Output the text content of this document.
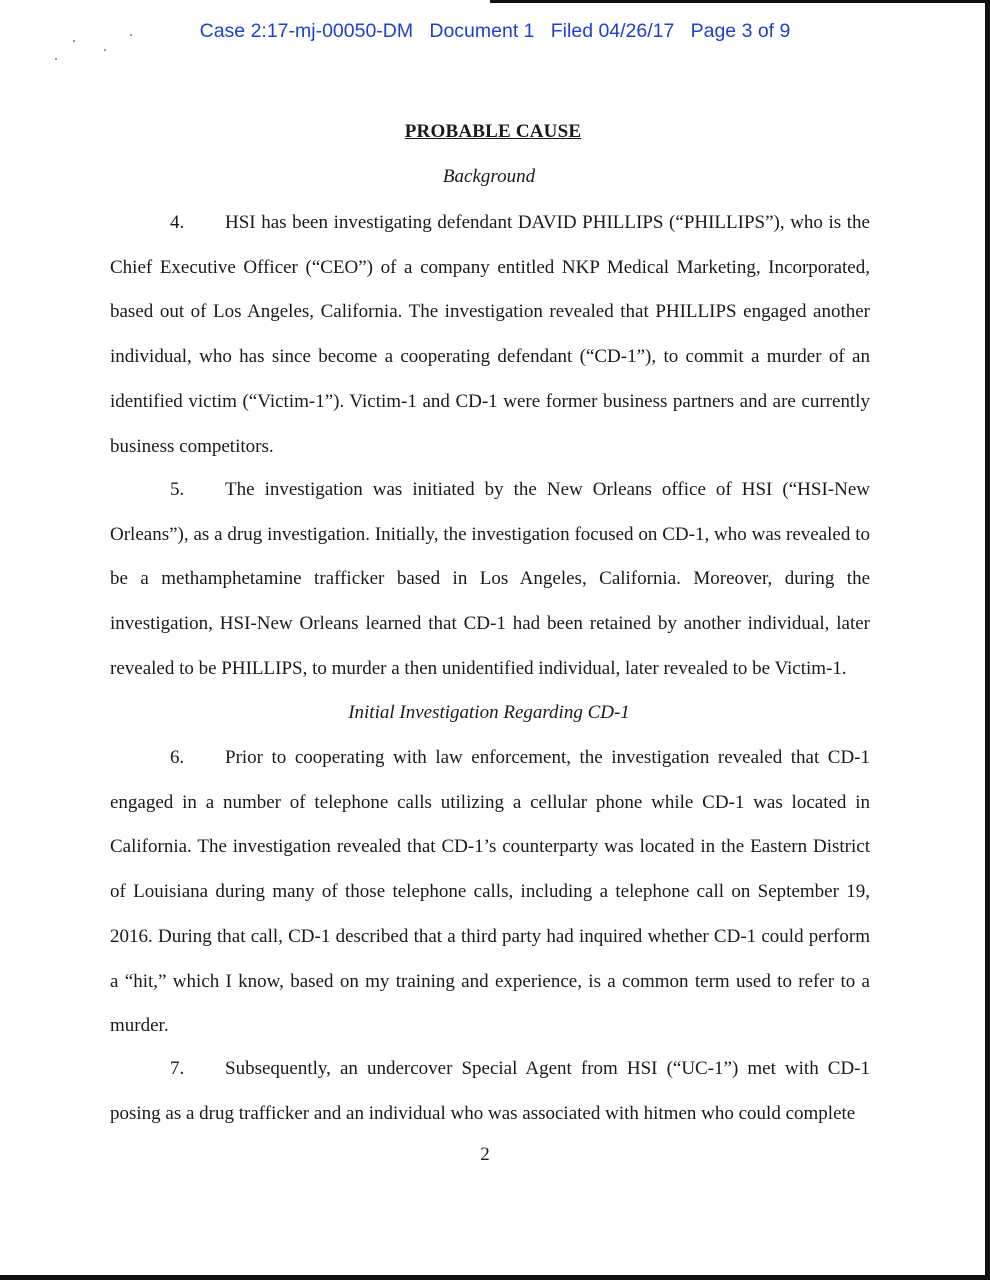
Case 2:17-mj-00050-DM   Document 1   Filed 04/26/17   Page 3 of 9
PROBABLE CAUSE
Background
4. HSI has been investigating defendant DAVID PHILLIPS (“PHILLIPS”), who is the Chief Executive Officer (“CEO”) of a company entitled NKP Medical Marketing, Incorporated, based out of Los Angeles, California. The investigation revealed that PHILLIPS engaged another individual, who has since become a cooperating defendant (“CD-1”), to commit a murder of an identified victim (“Victim-1”). Victim-1 and CD-1 were former business partners and are currently business competitors.
5. The investigation was initiated by the New Orleans office of HSI (“HSI-New Orleans”), as a drug investigation. Initially, the investigation focused on CD-1, who was revealed to be a methamphetamine trafficker based in Los Angeles, California. Moreover, during the investigation, HSI-New Orleans learned that CD-1 had been retained by another individual, later revealed to be PHILLIPS, to murder a then unidentified individual, later revealed to be Victim-1.
Initial Investigation Regarding CD-1
6. Prior to cooperating with law enforcement, the investigation revealed that CD-1 engaged in a number of telephone calls utilizing a cellular phone while CD-1 was located in California. The investigation revealed that CD-1’s counterparty was located in the Eastern District of Louisiana during many of those telephone calls, including a telephone call on September 19, 2016. During that call, CD-1 described that a third party had inquired whether CD-1 could perform a “hit,” which I know, based on my training and experience, is a common term used to refer to a murder.
7. Subsequently, an undercover Special Agent from HSI (“UC-1”) met with CD-1 posing as a drug trafficker and an individual who was associated with hitmen who could complete
2
